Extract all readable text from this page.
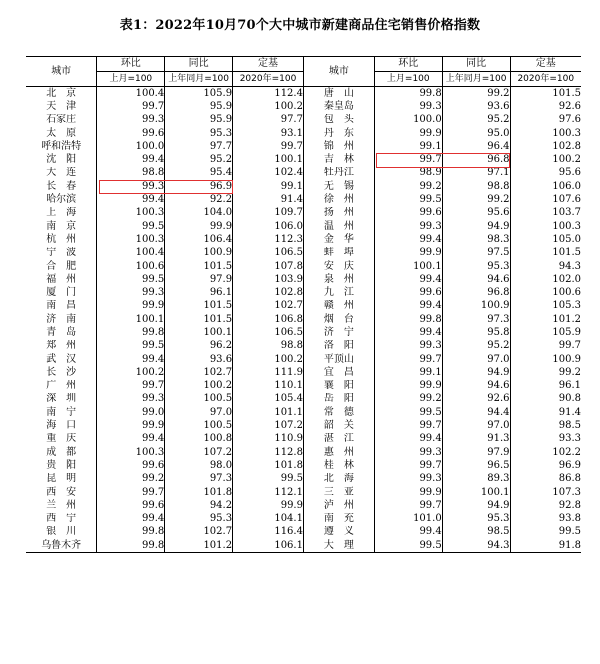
表1：2022年10月70个大中城市新建商品住宅销售价格指数
城市	环比	同比	定基	城市	环比	同比	定基
	上月=100	上年同月=100	2020年=100		上月=100	上年同月=100	2020年=100
北　京	100.4	105.9	112.4	唐　山	99.8	99.2	101.5
天　津	99.7	95.9	100.2	秦皇岛	99.3	93.6	92.6
石家庄	99.3	95.9	97.7	包　头	100.0	95.2	97.6
太　原	99.6	95.3	93.1	丹　东	99.9	95.0	100.3
呼和浩特	100.0	97.7	99.7	锦　州	99.1	96.4	102.8
沈　阳	99.4	95.2	100.1	吉　林	99.7	96.8	100.2
大　连	98.8	95.4	102.4	牡丹江	98.9	97.1	95.6
长　春	99.3	96.9	99.1	无　锡	99.2	98.8	106.0
哈尔滨	99.4	92.2	91.4	徐　州	99.5	99.2	107.6
上　海	100.3	104.0	109.7	扬　州	99.6	95.6	103.7
南　京	99.5	99.9	106.0	温　州	99.3	94.9	100.3
杭　州	100.3	106.4	112.3	金　华	99.4	98.3	105.0
宁　波	100.4	100.9	106.5	蚌　埠	99.9	97.5	101.5
合　肥	100.6	101.5	107.8	安　庆	100.1	95.3	94.3
福　州	99.5	97.9	103.9	泉　州	99.4	94.6	102.0
厦　门	99.3	96.1	102.8	九　江	99.6	96.8	100.6
南　昌	99.9	101.5	102.7	赣　州	99.4	100.9	105.3
济　南	100.1	101.5	106.8	烟　台	99.8	97.3	101.2
青　岛	99.8	100.1	106.5	济　宁	99.4	95.8	105.9
郑　州	99.5	96.2	98.8	洛　阳	99.3	95.2	99.7
武　汉	99.4	93.6	100.2	平顶山	99.7	97.0	100.9
长　沙	100.2	102.7	111.9	宜　昌	99.1	94.9	99.2
广　州	99.7	100.2	110.1	襄　阳	99.9	94.6	96.1
深　圳	99.3	100.5	105.4	岳　阳	99.2	92.6	90.8
南　宁	99.0	97.0	101.1	常　德	99.5	94.4	91.4
海　口	99.9	100.5	107.2	韶　关	99.7	97.0	98.5
重　庆	99.4	100.8	110.9	湛　江	99.4	91.3	93.3
成　都	100.3	107.2	112.8	惠　州	99.3	97.9	102.2
贵　阳	99.6	98.0	101.8	桂　林	99.7	96.5	96.9
昆　明	99.2	97.3	99.5	北　海	99.3	89.3	86.8
西　安	99.7	101.8	112.1	三　亚	99.9	100.1	107.3
兰　州	99.6	94.2	99.9	泸　州	99.7	94.9	92.8
西　宁	99.4	95.3	104.1	南　充	101.0	95.3	93.8
银　川	99.8	102.7	116.4	遵　义	99.4	98.5	99.5
乌鲁木齐	99.8	101.2	106.1	大　理	99.5	94.3	91.8
